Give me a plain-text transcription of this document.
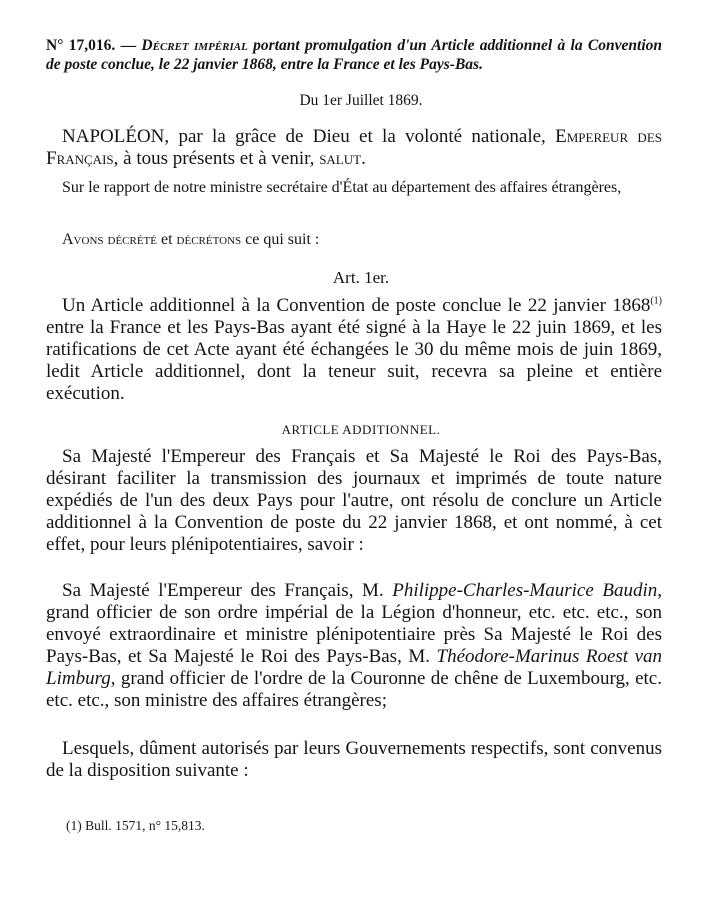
N° 17,016. — Décret impérial portant promulgation d'un Article additionnel à la Convention de poste conclue, le 22 janvier 1868, entre la France et les Pays-Bas.
Du 1er Juillet 1869.
NAPOLÉON, par la grâce de Dieu et la volonté nationale, Empereur des Français, à tous présents et à venir, salut.
Sur le rapport de notre ministre secrétaire d'État au département des affaires étrangères,
Avons décrété et décrétons ce qui suit :
Art. 1er.
Un Article additionnel à la Convention de poste conclue le 22 janvier 1868$^{(1)}$ entre la France et les Pays-Bas ayant été signé à la Haye le 22 juin 1869, et les ratifications de cet Acte ayant été échangées le 30 du même mois de juin 1869, ledit Article additionnel, dont la teneur suit, recevra sa pleine et entière exécution.
ARTICLE ADDITIONNEL.
Sa Majesté l'Empereur des Français et Sa Majesté le Roi des Pays-Bas, désirant faciliter la transmission des journaux et imprimés de toute nature expédiés de l'un des deux Pays pour l'autre, ont résolu de conclure un Article additionnel à la Convention de poste du 22 janvier 1868, et ont nommé, à cet effet, pour leurs plénipotentiaires, savoir :
Sa Majesté l'Empereur des Français, M. Philippe-Charles-Maurice Baudin, grand officier de son ordre impérial de la Légion d'honneur, etc. etc. etc., son envoyé extraordinaire et ministre plénipotentiaire près Sa Majesté le Roi des Pays-Bas, et Sa Majesté le Roi des Pays-Bas, M. Théodore-Marinus Roest van Limburg, grand officier de l'ordre de la Couronne de chêne de Luxembourg, etc. etc. etc., son ministre des affaires étrangères;
Lesquels, dûment autorisés par leurs Gouvernements respectifs, sont convenus de la disposition suivante :
(1) Bull. 1571, n° 15,813.
